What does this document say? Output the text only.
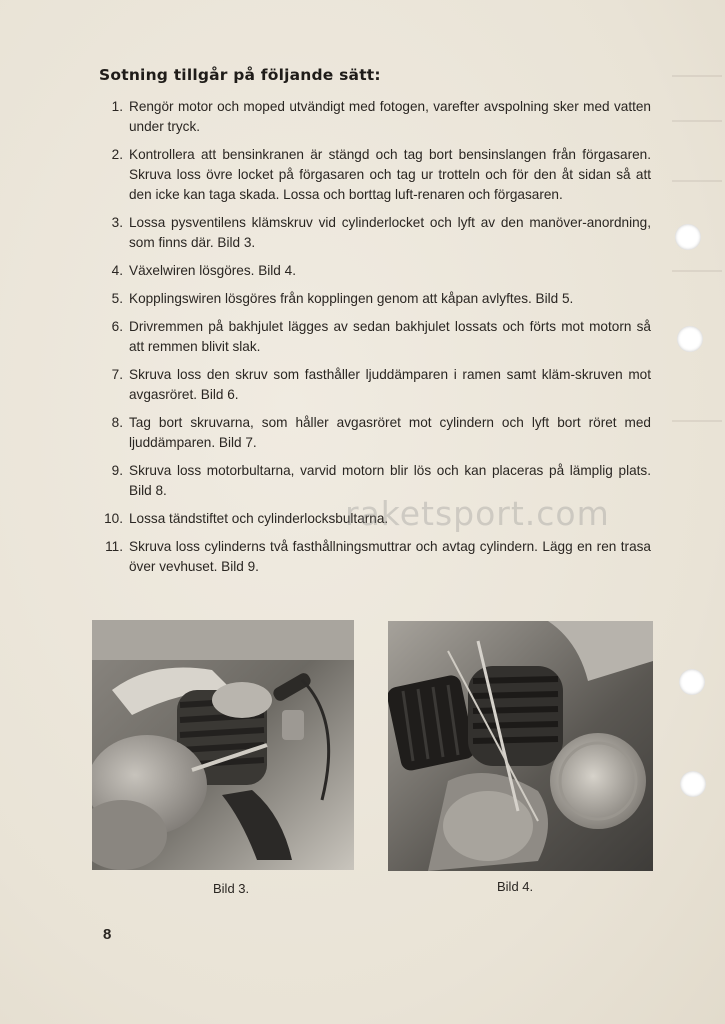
Sotning tillgår på följande sätt:
1. Rengör motor och moped utvändigt med fotogen, varefter avspolning sker med vatten under tryck.
2. Kontrollera att bensinkranen är stängd och tag bort bensinslangen från förgasaren. Skruva loss övre locket på förgasaren och tag ur trotteln och för den åt sidan så att den icke kan taga skada. Lossa och borttag luft-renaren och förgasaren.
3. Lossa pysventilens klämskruv vid cylinderlocket och lyft av den manöver-anordning, som finns där. Bild 3.
4. Växelwiren lösgöres. Bild 4.
5. Kopplingswiren lösgöres från kopplingen genom att kåpan avlyftes. Bild 5.
6. Drivremmen på bakhjulet lägges av sedan bakhjulet lossats och förts mot motorn så att remmen blivit slak.
7. Skruva loss den skruv som fasthåller ljuddämparen i ramen samt kläm-skruven mot avgasröret. Bild 6.
8. Tag bort skruvarna, som håller avgasröret mot cylindern och lyft bort röret med ljuddämparen. Bild 7.
9. Skruva loss motorbultarna, varvid motorn blir lös och kan placeras på lämplig plats. Bild 8.
10. Lossa tändstiftet och cylinderlocksbultarna.
11. Skruva loss cylinderns två fasthållningsmuttrar och avtag cylindern. Lägg en ren trasa över vevhuset. Bild 9.
raketsport.com
Bild 3.	Bild 4.
8
